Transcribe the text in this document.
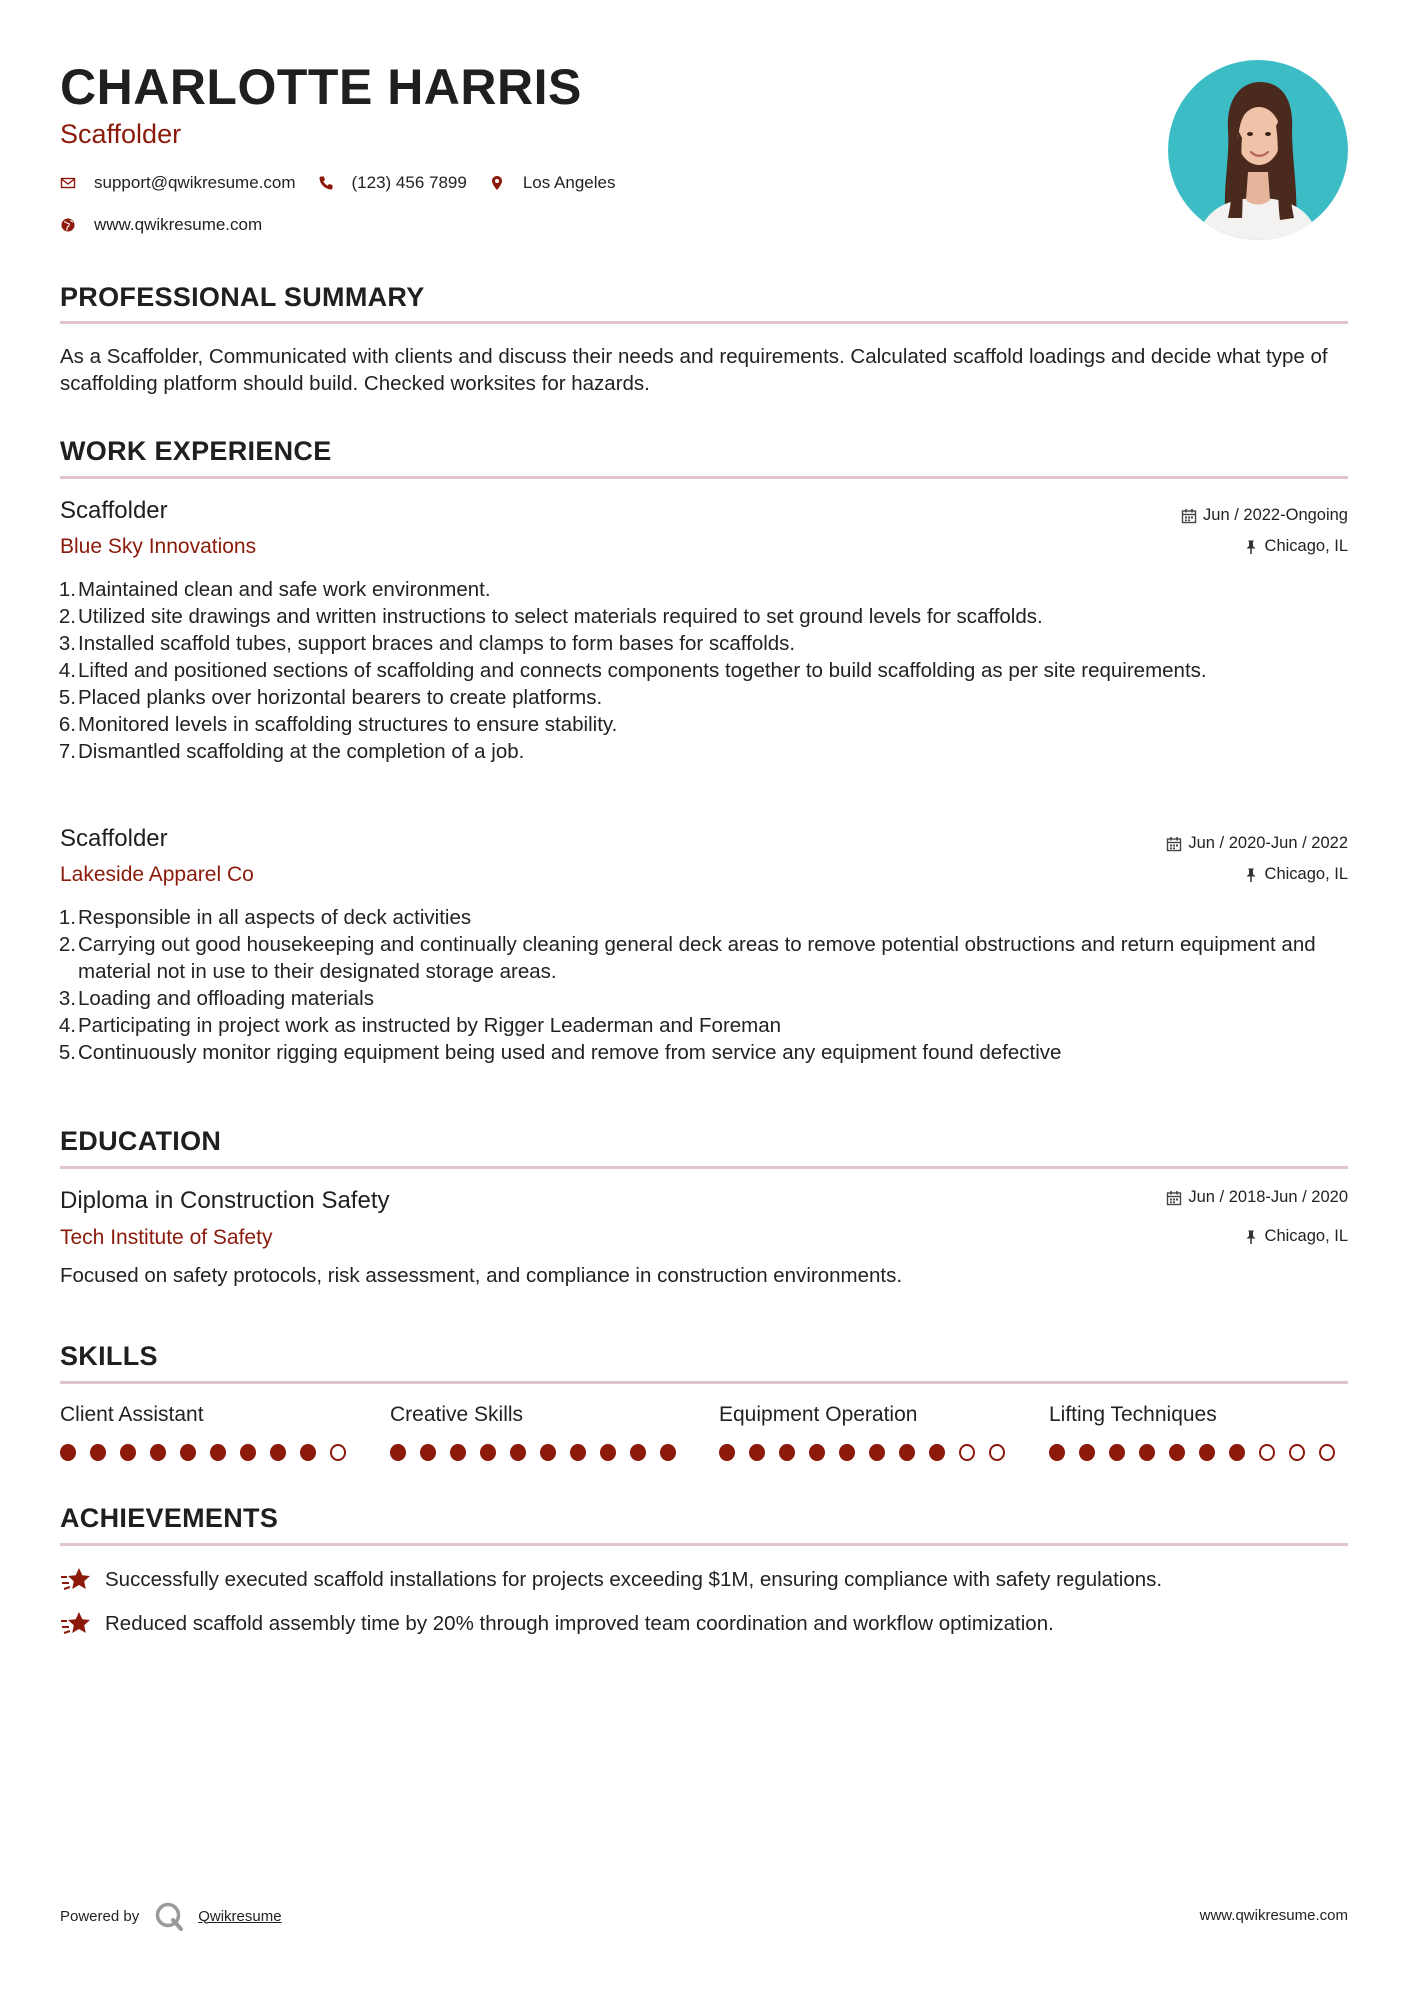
CHARLOTTE HARRIS
Scaffolder
support@qwikresume.com	(123) 456 7899	Los Angeles
www.qwikresume.com
PROFESSIONAL SUMMARY
As a Scaffolder, Communicated with clients and discuss their needs and requirements. Calculated scaffold loadings and decide what type of scaffolding platform should build. Checked worksites for hazards.
WORK EXPERIENCE
Scaffolder
Blue Sky Innovations
Jun / 2022-Ongoing
Chicago, IL
1. Maintained clean and safe work environment.
2. Utilized site drawings and written instructions to select materials required to set ground levels for scaffolds.
3. Installed scaffold tubes, support braces and clamps to form bases for scaffolds.
4. Lifted and positioned sections of scaffolding and connects components together to build scaffolding as per site requirements.
5. Placed planks over horizontal bearers to create platforms.
6. Monitored levels in scaffolding structures to ensure stability.
7. Dismantled scaffolding at the completion of a job.
Scaffolder
Lakeside Apparel Co
Jun / 2020-Jun / 2022
Chicago, IL
1. Responsible in all aspects of deck activities
2. Carrying out good housekeeping and continually cleaning general deck areas to remove potential obstructions and return equipment and material not in use to their designated storage areas.
3. Loading and offloading materials
4. Participating in project work as instructed by Rigger Leaderman and Foreman
5. Continuously monitor rigging equipment being used and remove from service any equipment found defective
EDUCATION
Diploma in Construction Safety
Tech Institute of Safety
Jun / 2018-Jun / 2020
Chicago, IL
Focused on safety protocols, risk assessment, and compliance in construction environments.
SKILLS
Client Assistant	Creative Skills	Equipment Operation	Lifting Techniques
ACHIEVEMENTS
Successfully executed scaffold installations for projects exceeding $1M, ensuring compliance with safety regulations.
Reduced scaffold assembly time by 20% through improved team coordination and workflow optimization.
Powered by	Qwikresume	www.qwikresume.com
